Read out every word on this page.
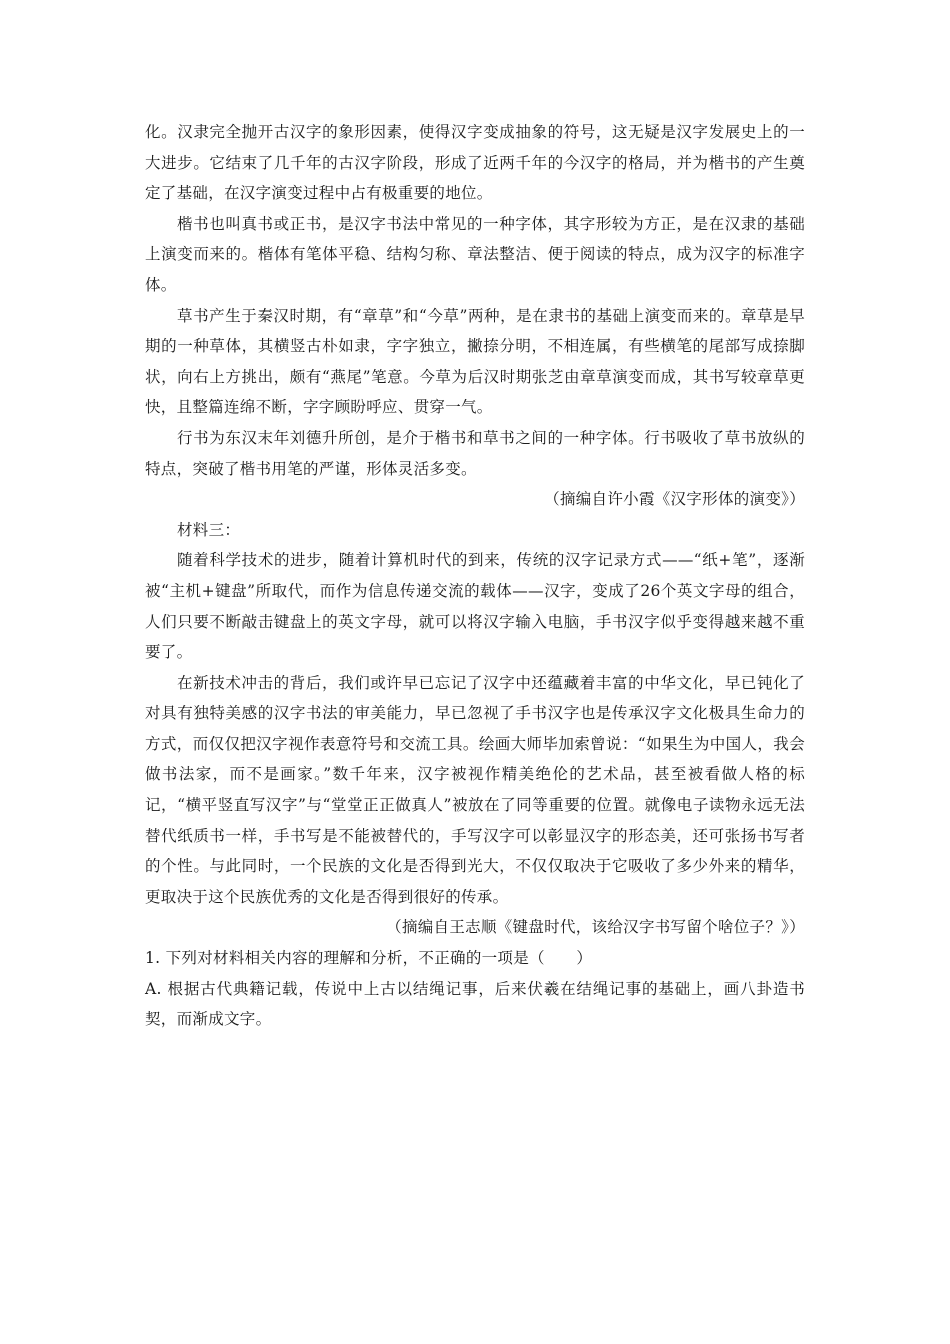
化。汉隶完全抛开古汉字的象形因素，使得汉字变成抽象的符号，这无疑是汉字发展史上的一大进步。它结束了几千年的古汉字阶段，形成了近两千年的今汉字的格局，并为楷书的产生奠定了基础，在汉字演变过程中占有极重要的地位。

楷书也叫真书或正书，是汉字书法中常见的一种字体，其字形较为方正，是在汉隶的基础上演变而来的。楷体有笔体平稳、结构匀称、章法整洁、便于阅读的特点，成为汉字的标准字体。

草书产生于秦汉时期，有“章草”和“今草”两种，是在隶书的基础上演变而来的。章草是早期的一种草体，其横竖古朴如隶，字字独立，撇捺分明，不相连属，有些横笔的尾部写成捺脚状，向右上方挑出，颇有“燕尾”笔意。今草为后汉时期张芝由章草演变而成，其书写较章草更快，且整篇连绵不断，字字顾盼呼应、贯穿一气。

行书为东汉末年刘德升所创，是介于楷书和草书之间的一种字体。行书吸收了草书放纵的特点，突破了楷书用笔的严谨，形体灵活多变。

（摘编自许小霞《汉字形体的演变》）

材料三：

随着科学技术的进步，随着计算机时代的到来，传统的汉字记录方式——“纸+笔”，逐渐被“主机+键盘”所取代，而作为信息传递交流的载体——汉字，变成了26个英文字母的组合，人们只要不断敲击键盘上的英文字母，就可以将汉字输入电脑，手书汉字似乎变得越来越不重要了。

在新技术冲击的背后，我们或许早已忘记了汉字中还蕴藏着丰富的中华文化，早已钝化了对具有独特美感的汉字书法的审美能力，早已忽视了手书汉字也是传承汉字文化极具生命力的方式，而仅仅把汉字视作表意符号和交流工具。绘画大师毕加索曾说：“如果生为中国人，我会做书法家，而不是画家。”数千年来，汉字被视作精美绝伦的艺术品，甚至被看做人格的标记，“横平竖直写汉字”与“堂堂正正做真人”被放在了同等重要的位置。就像电子读物永远无法替代纸质书一样，手书写是不能被替代的，手写汉字可以彰显汉字的形态美，还可张扬书写者的个性。与此同时，一个民族的文化是否得到光大，不仅仅取决于它吸收了多少外来的精华，更取决于这个民族优秀的文化是否得到很好的传承。

（摘编自王志顺《键盘时代，该给汉字书写留个啥位子？》）

1. 下列对材料相关内容的理解和分析，不正确的一项是（　　）

A. 根据古代典籍记载，传说中上古以结绳记事，后来伏羲在结绳记事的基础上，画八卦造书契，而渐成文字。
